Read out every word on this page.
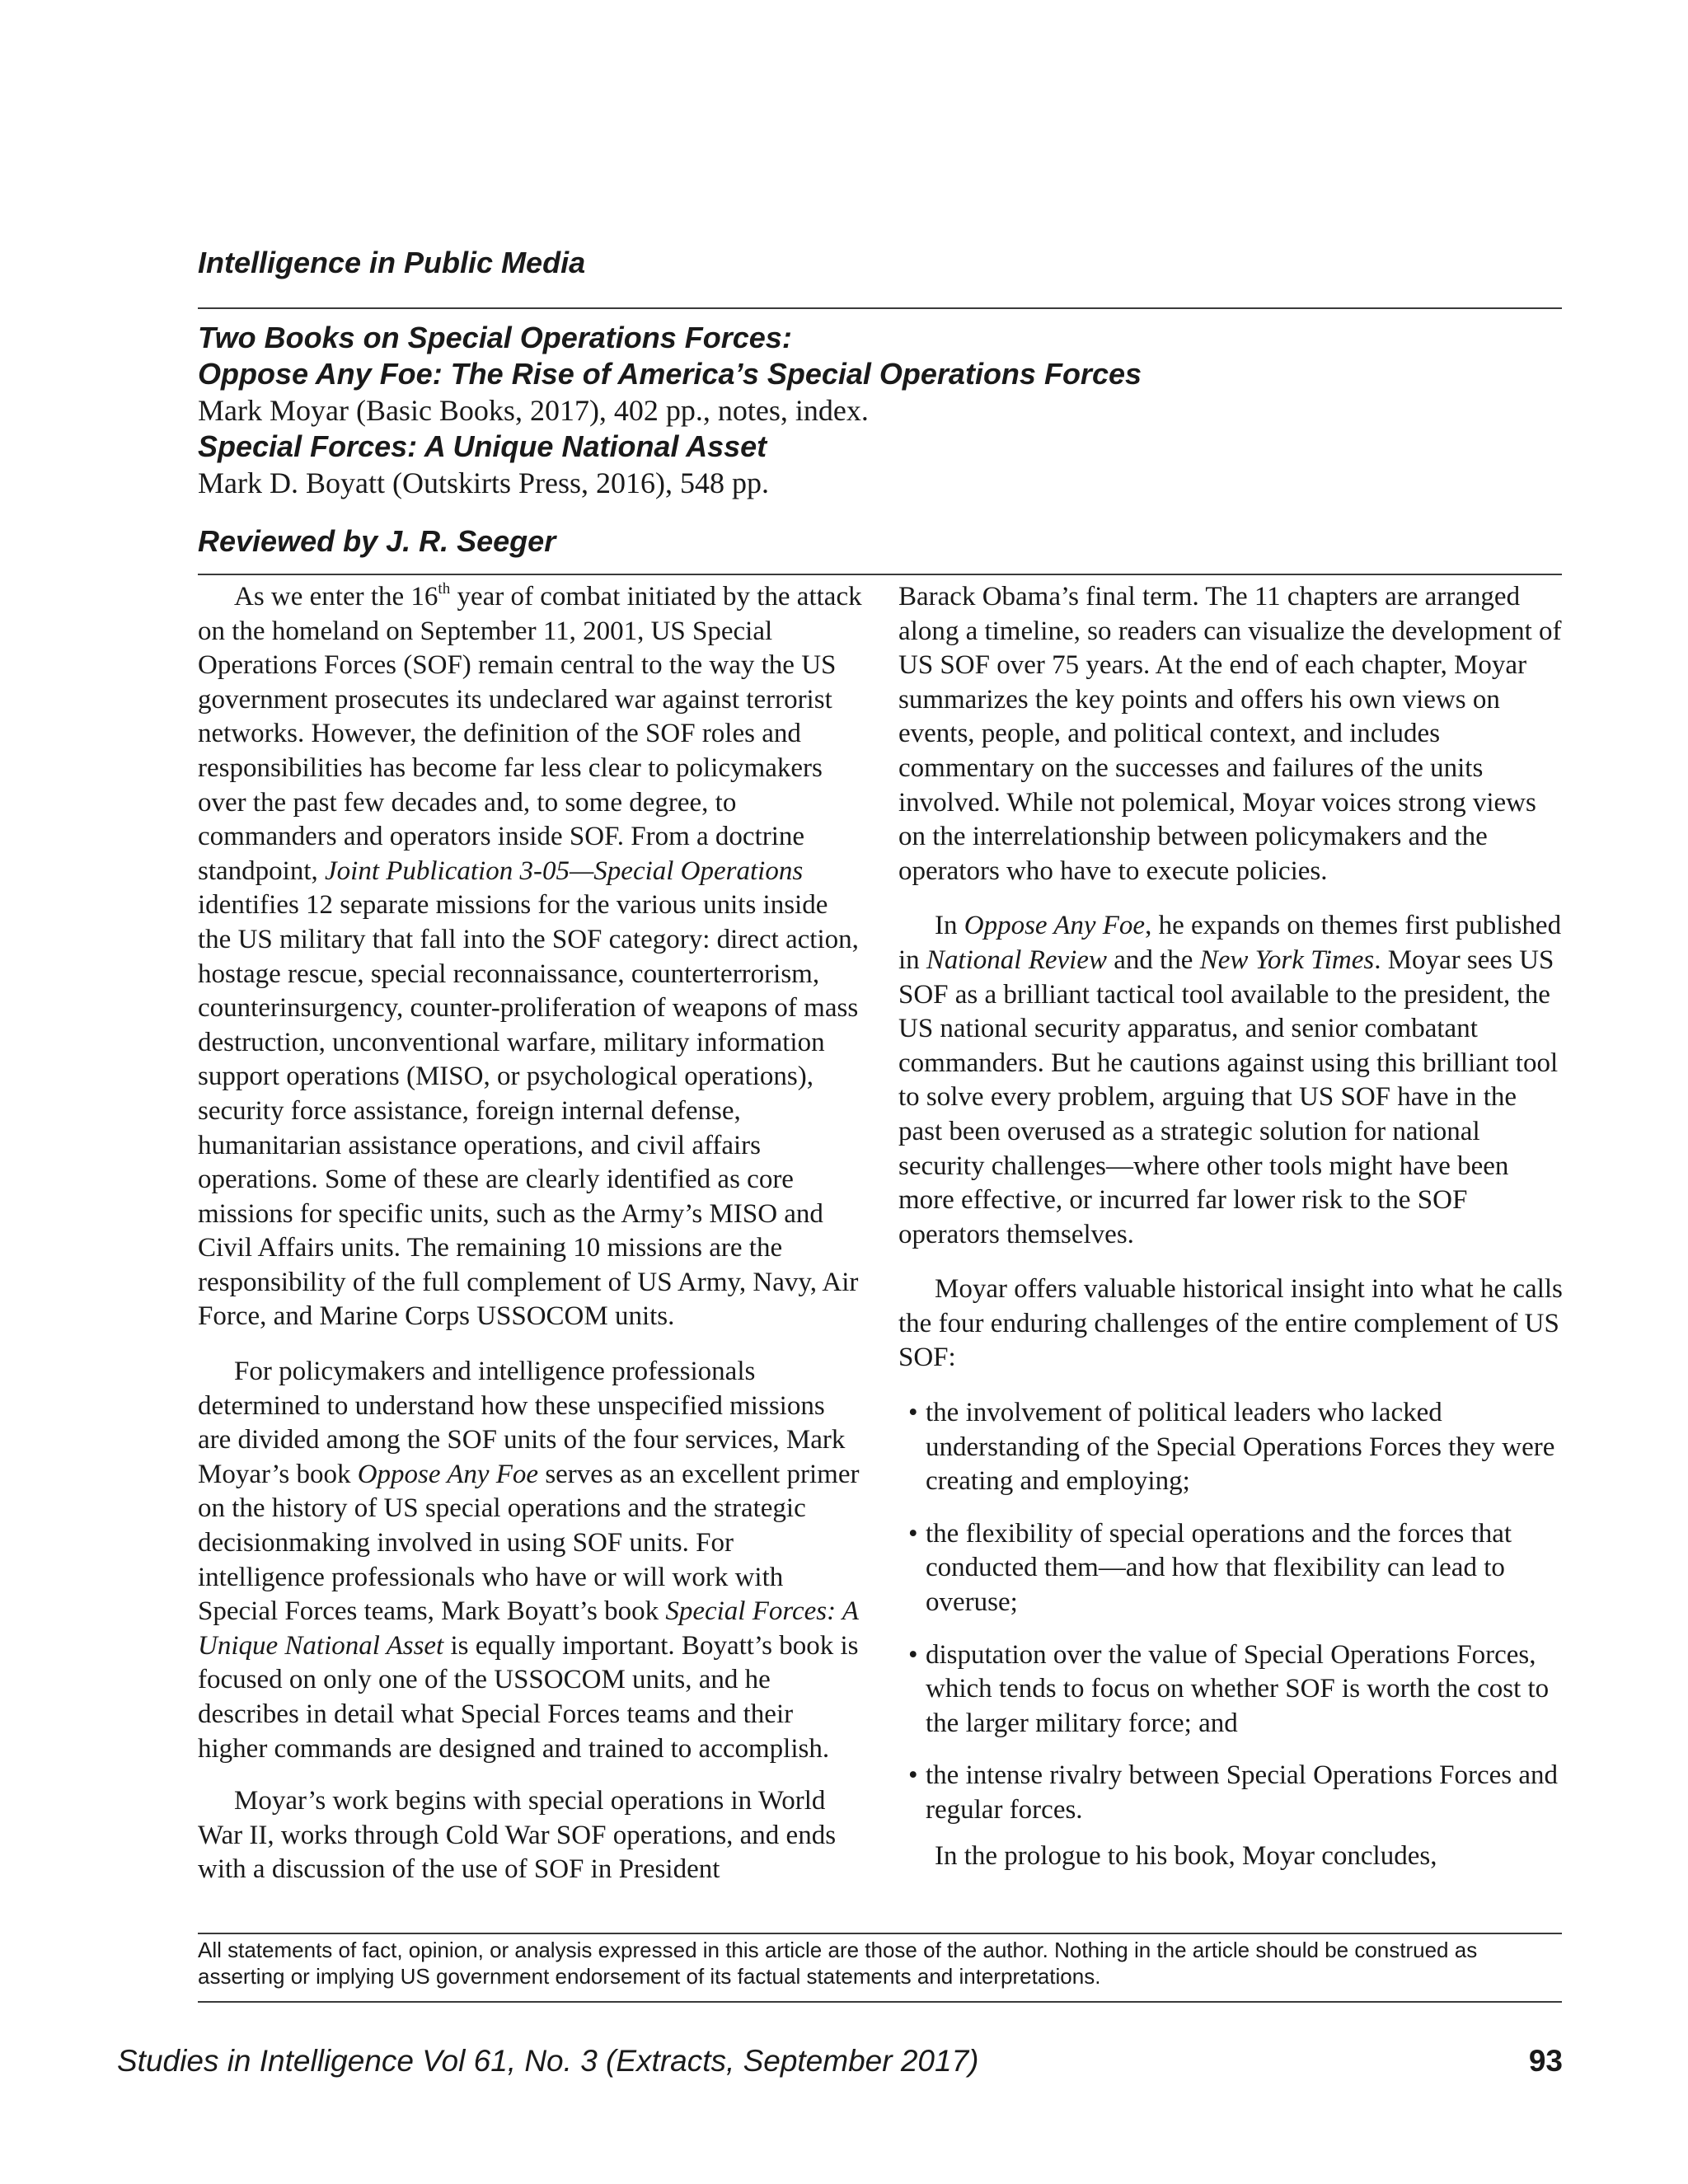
Intelligence in Public Media

Two Books on Special Operations Forces:

Oppose Any Foe: The Rise of America’s Special Operations Forces

Mark Moyar (Basic Books, 2017), 402 pp., notes, index.

Special Forces: A Unique National Asset

Mark D. Boyatt (Outskirts Press, 2016), 548 pp.

Reviewed by J. R. Seeger

As we enter the 16th year of combat initiated by the attack on the homeland on September 11, 2001, US Special Operations Forces (SOF) remain central to the way the US government prosecutes its undeclared war against terrorist networks. However, the definition of the SOF roles and responsibilities has become far less clear to policymakers over the past few decades and, to some degree, to commanders and operators inside SOF. From a doctrine standpoint, Joint Publication 3-05—Special Operations identifies 12 separate missions for the various units inside the US military that fall into the SOF category: direct action, hostage rescue, special reconnaissance, counterterrorism, counterinsurgency, counter-proliferation of weapons of mass destruction, unconventional warfare, military information support operations (MISO, or psychological operations), security force assistance, foreign internal defense, humanitarian assistance operations, and civil affairs operations. Some of these are clearly identified as core missions for specific units, such as the Army’s MISO and Civil Affairs units. The remaining 10 missions are the responsibility of the full complement of US Army, Navy, Air Force, and Marine Corps USSOCOM units.

For policymakers and intelligence professionals determined to understand how these unspecified missions are divided among the SOF units of the four services, Mark Moyar’s book Oppose Any Foe serves as an excellent primer on the history of US special operations and the strategic decisionmaking involved in using SOF units. For intelligence professionals who have or will work with Special Forces teams, Mark Boyatt’s book Special Forces: A Unique National Asset is equally important. Boyatt’s book is focused on only one of the USSOCOM units, and he describes in detail what Special Forces teams and their higher commands are designed and trained to accomplish.

Moyar’s work begins with special operations in World War II, works through Cold War SOF operations, and ends with a discussion of the use of SOF in President

Barack Obama’s final term. The 11 chapters are arranged along a timeline, so readers can visualize the development of US SOF over 75 years. At the end of each chapter, Moyar summarizes the key points and offers his own views on events, people, and political context, and includes commentary on the successes and failures of the units involved. While not polemical, Moyar voices strong views on the interrelationship between policymakers and the operators who have to execute policies.

In Oppose Any Foe, he expands on themes first published in National Review and the New York Times. Moyar sees US SOF as a brilliant tactical tool available to the president, the US national security apparatus, and senior combatant commanders. But he cautions against using this brilliant tool to solve every problem, arguing that US SOF have in the past been overused as a strategic solution for national security challenges—where other tools might have been more effective, or incurred far lower risk to the SOF operators themselves.

Moyar offers valuable historical insight into what he calls the four enduring challenges of the entire complement of US SOF:

• the involvement of political leaders who lacked understanding of the Special Operations Forces they were creating and employing;
• the flexibility of special operations and the forces that conducted them—and how that flexibility can lead to overuse;
• disputation over the value of Special Operations Forces, which tends to focus on whether SOF is worth the cost to the larger military force; and
• the intense rivalry between Special Operations Forces and regular forces.

In the prologue to his book, Moyar concludes,

All statements of fact, opinion, or analysis expressed in this article are those of the author. Nothing in the article should be construed as asserting or implying US government endorsement of its factual statements and interpretations.
Studies in Intelligence Vol 61, No. 3 (Extracts, September 2017)	93
